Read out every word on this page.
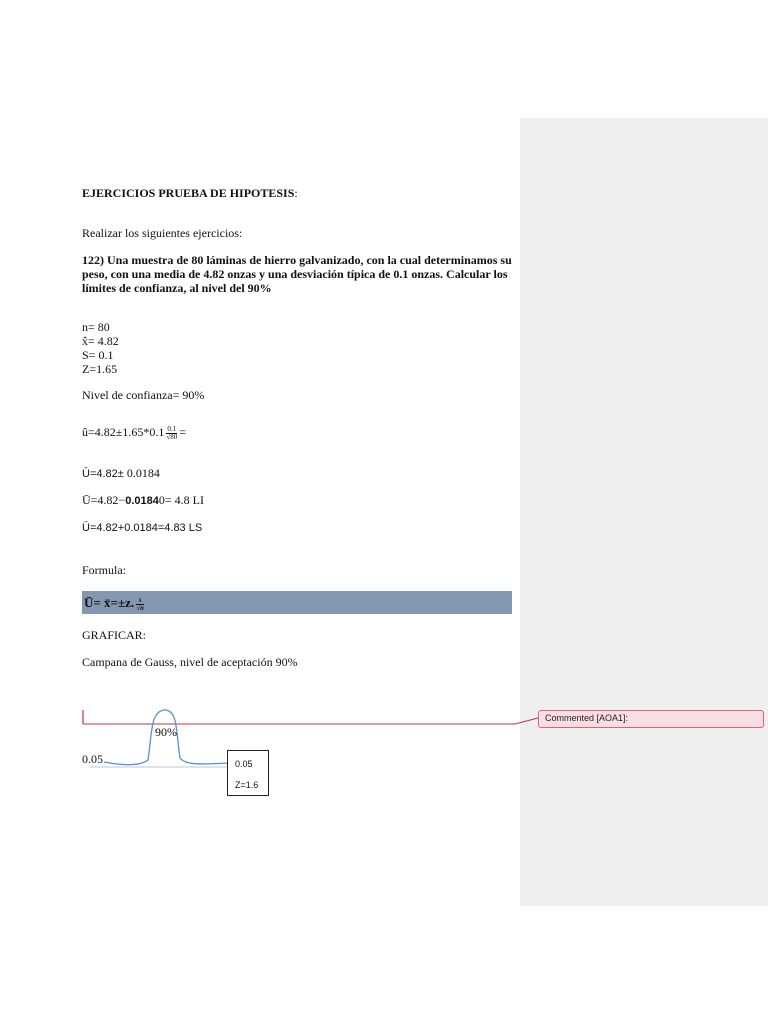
EJERCICIOS PRUEBA DE HIPOTESIS:
Realizar los siguientes ejercicios:
122) Una muestra de 80 láminas de hierro galvanizado, con la cual determinamos su peso, con una media de 4.82 onzas y una desviación típica de 0.1 onzas. Calcular los límites de confianza, al nivel del 90%
n= 80
x̂= 4.82
S= 0.1
Z=1.65
Nivel de confianza= 90%
û=4.82±1.65*0.1 $\frac{0.1}{√80}$ =
Ū=4.82± 0.0184
Ū=4.82−0.01840= 4.8 LI
Ū=4.82+0.0184=4.83 LS
Formula:
GRAFICAR:
Campana de Gauss, nivel de aceptación 90%
Ū= x̄=±z. $\frac{s}{√n}$
90%
0.05	0.05
Z=1.6
Commented [AOA1]:
